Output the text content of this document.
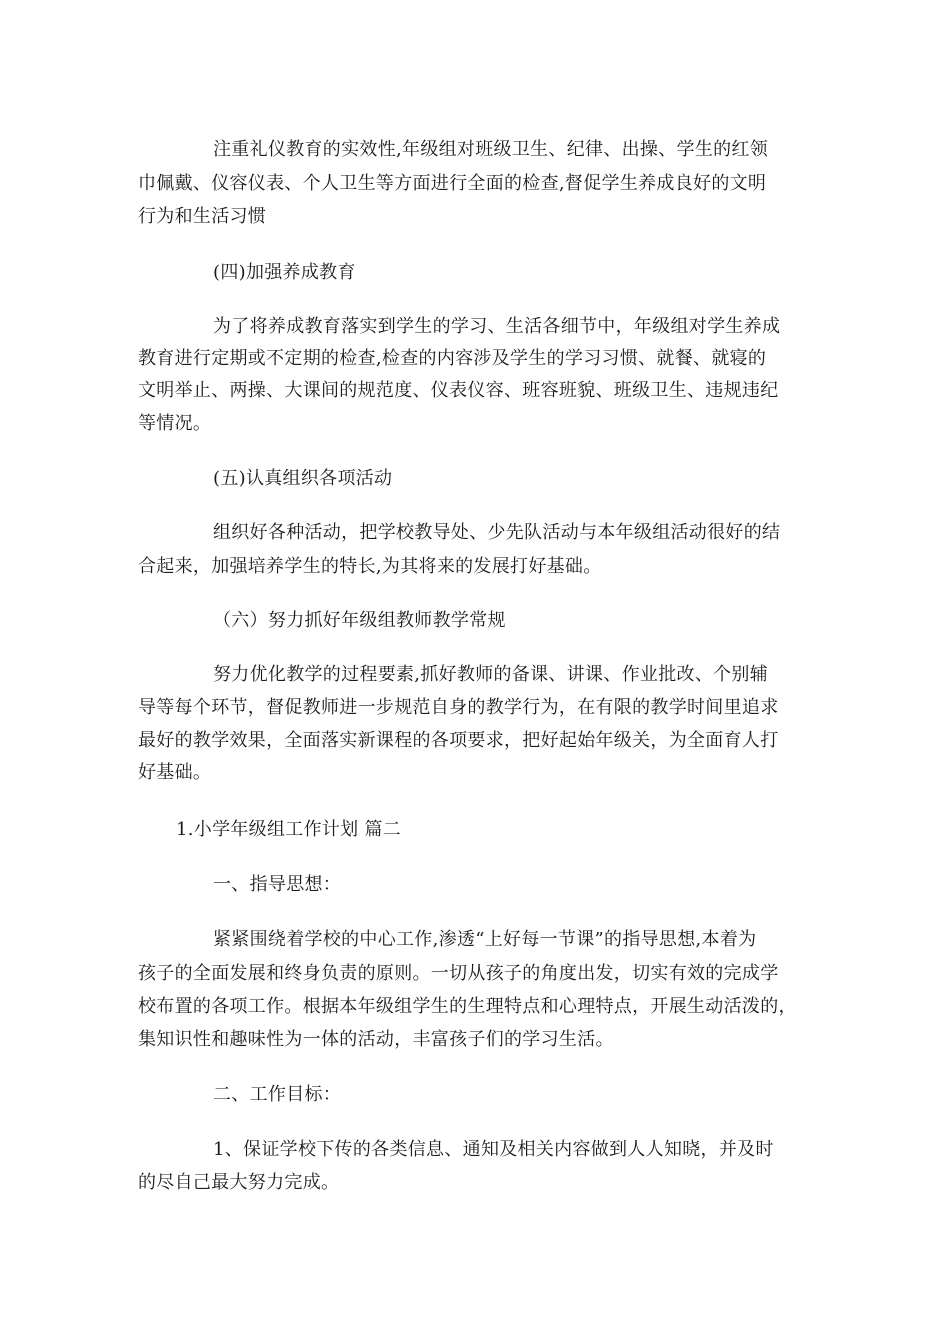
注重礼仪教育的实效性,年级组对班级卫生、纪律、出操、学生的红领
巾佩戴、仪容仪表、个人卫生等方面进行全面的检查,督促学生养成良好的文明
行为和生活习惯
(四)加强养成教育
为了将养成教育落实到学生的学习、生活各细节中，年级组对学生养成
教育进行定期或不定期的检查,检查的内容涉及学生的学习习惯、就餐、就寝的
文明举止、两操、大课间的规范度、仪表仪容、班容班貌、班级卫生、违规违纪
等情况。
(五)认真组织各项活动
组织好各种活动，把学校教导处、少先队活动与本年级组活动很好的结
合起来，加强培养学生的特长,为其将来的发展打好基础。
（六）努力抓好年级组教师教学常规
努力优化教学的过程要素,抓好教师的备课、讲课、作业批改、个别辅
导等每个环节，督促教师进一步规范自身的教学行为，在有限的教学时间里追求
最好的教学效果，全面落实新课程的各项要求，把好起始年级关，为全面育人打
好基础。
1.小学年级组工作计划 篇二
一、指导思想：
紧紧围绕着学校的中心工作,渗透“上好每一节课”的指导思想,本着为
孩子的全面发展和终身负责的原则。一切从孩子的角度出发，切实有效的完成学
校布置的各项工作。根据本年级组学生的生理特点和心理特点，开展生动活泼的，
集知识性和趣味性为一体的活动，丰富孩子们的学习生活。
二、工作目标：
1、保证学校下传的各类信息、通知及相关内容做到人人知晓，并及时
的尽自己最大努力完成。
